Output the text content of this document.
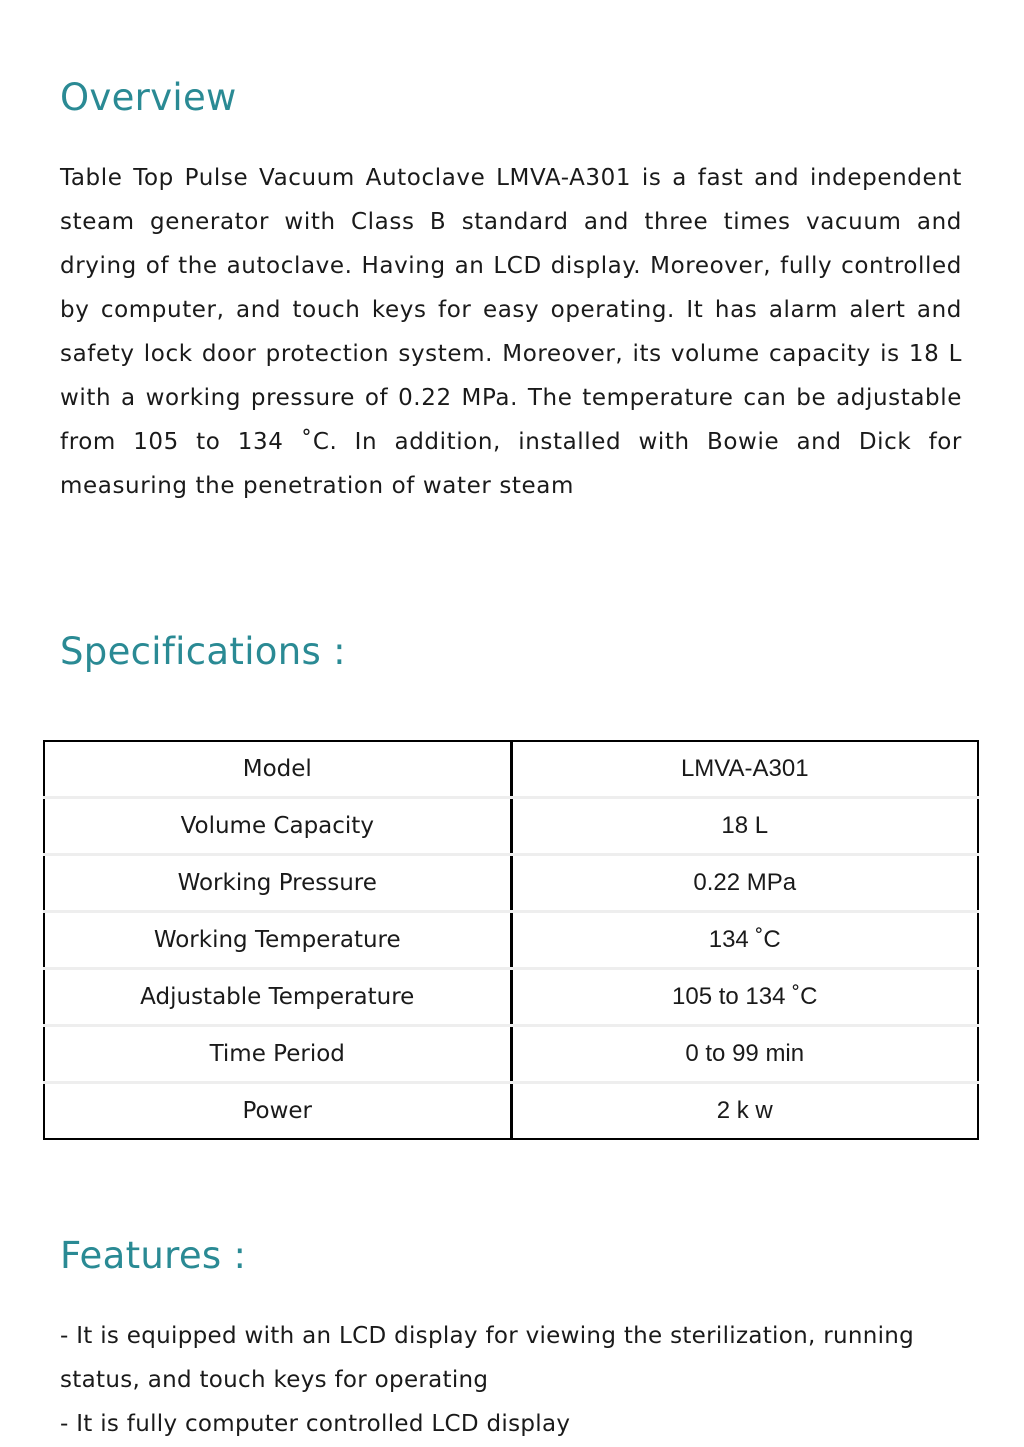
Overview

Table Top Pulse Vacuum Autoclave LMVA-A301 is a fast and independent steam generator with Class B standard and three times vacuum and drying of the autoclave. Having an LCD display. Moreover, fully controlled by computer, and touch keys for easy operating. It has alarm alert and safety lock door protection system. Moreover, its volume capacity is 18 L with a working pressure of 0.22 MPa. The temperature can be adjustable from 105 to 134 ˚C. In addition, installed with Bowie and Dick for measuring the penetration of water steam

Specifications :
Model	LMVA-A301
Volume Capacity	18 L
Working Pressure	0.22 MPa
Working Temperature	134 ˚C
Adjustable Temperature	105 to 134 ˚C
Time Period	0 to 99 min
Power	2 k w
Features :
- It is equipped with an LCD display for viewing the sterilization, running status, and touch keys for operating
- It is fully computer controlled LCD display
